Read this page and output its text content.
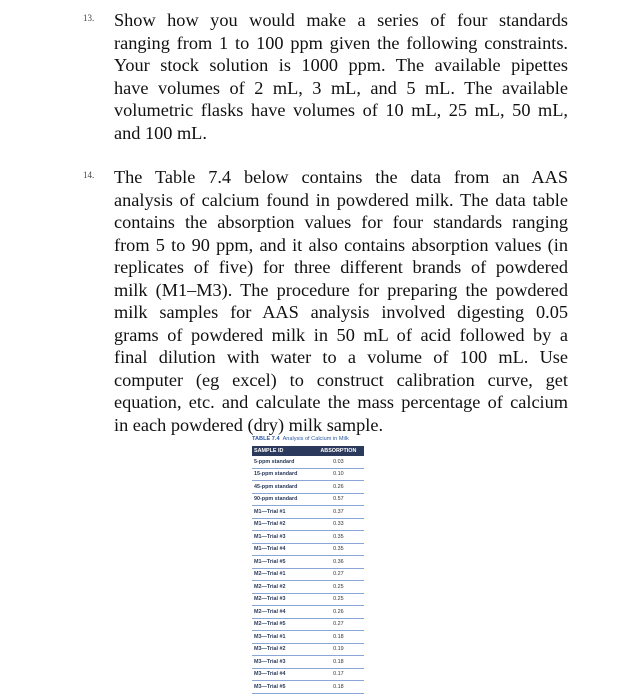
13. Show how you would make a series of four standards
ranging from 1 to 100 ppm given the following constraints.
Your stock solution is 1000 ppm. The available pipettes
have volumes of 2 mL, 3 mL, and 5 mL. The available
volumetric flasks have volumes of 10 mL, 25 mL, 50 mL,
and 100 mL.
14. The Table 7.4 below contains the data from an AAS
analysis of calcium found in powdered milk. The data table
contains the absorption values for four standards ranging
from 5 to 90 ppm, and it also contains absorption values (in
replicates of five) for three different brands of powdered
milk (M1–M3). The procedure for preparing the powdered
milk samples for AAS analysis involved digesting 0.05
grams of powdered milk in 50 mL of acid followed by a
final dilution with water to a volume of 100 mL. Use
computer (eg excel) to construct calibration curve, get
equation, etc. and calculate the mass percentage of calcium
in each powdered (dry) milk sample.
TABLE 7.4 Analysis of Calcium in Milk
SAMPLE ID	ABSORPTION
5-ppm standard	0.03
15-ppm standard	0.10
45-ppm standard	0.26
90-ppm standard	0.57
M1—Trial #1	0.37
M1—Trial #2	0.33
M1—Trial #3	0.35
M1—Trial #4	0.35
M1—Trial #5	0.36
M2—Trial #1	0.27
M2—Trial #2	0.25
M2—Trial #3	0.25
M2—Trial #4	0.26
M2—Trial #5	0.27
M3—Trial #1	0.18
M3—Trial #2	0.19
M3—Trial #3	0.18
M3—Trial #4	0.17
M3—Trial #5	0.18
